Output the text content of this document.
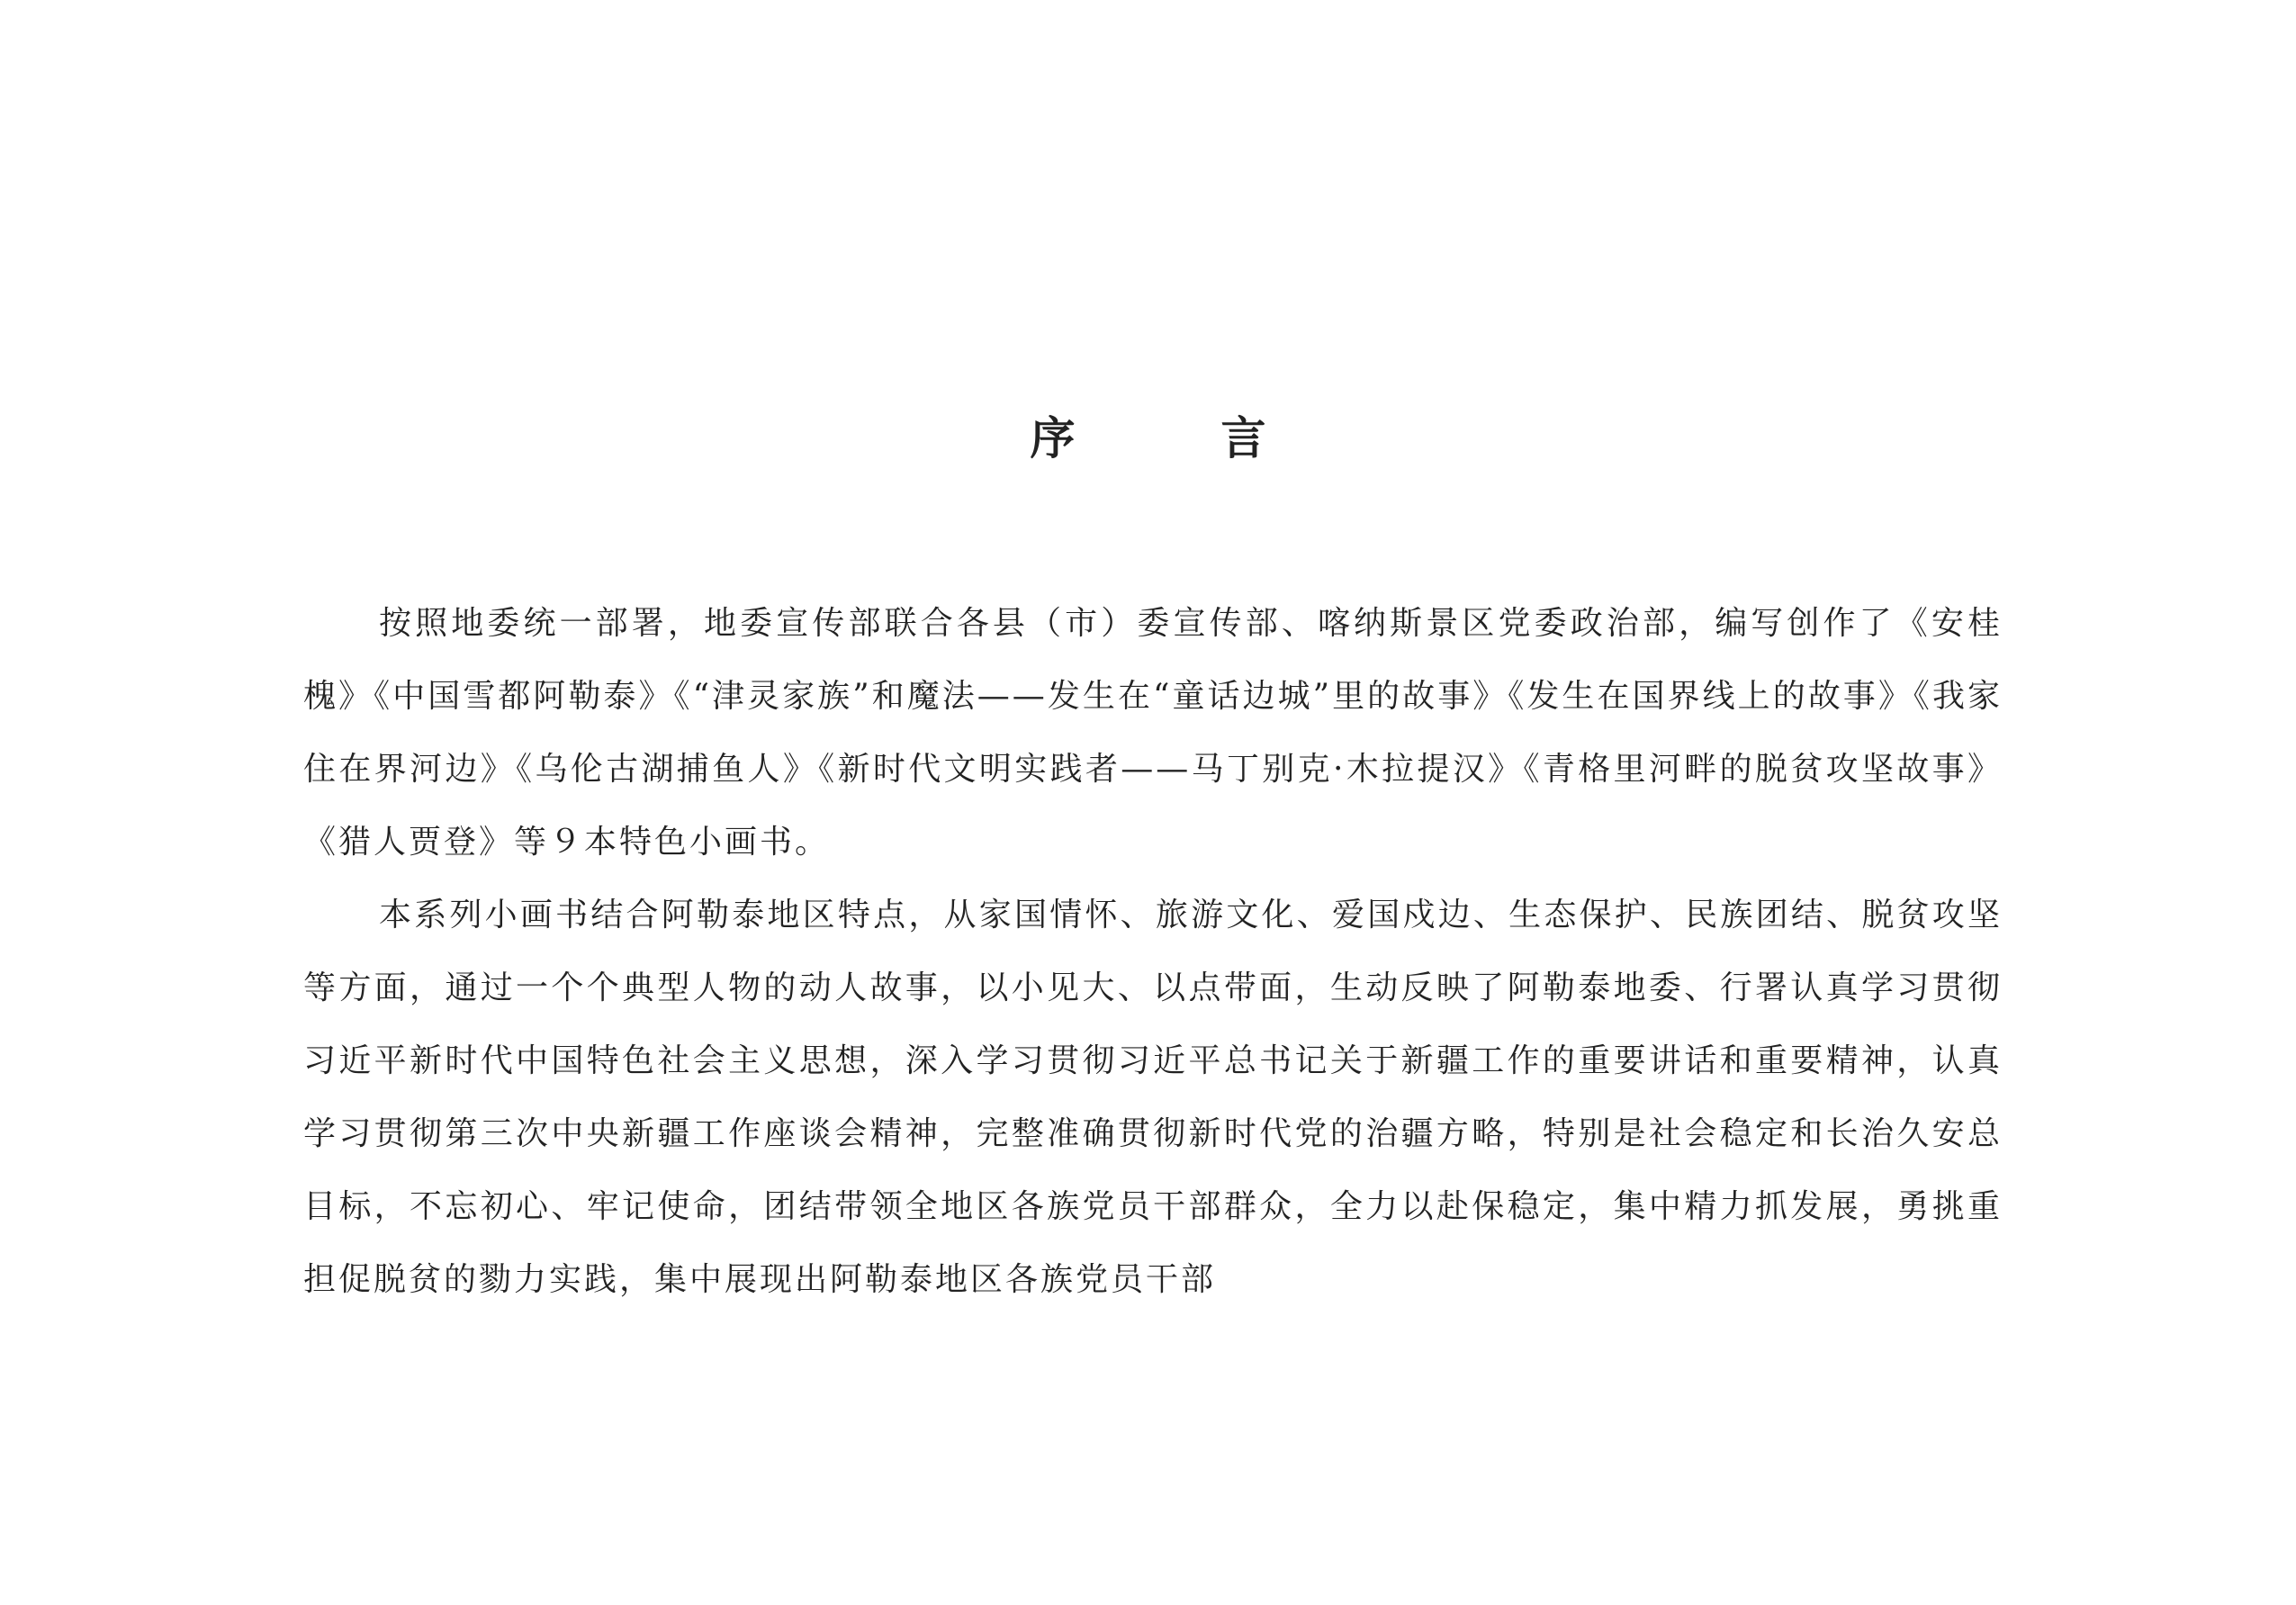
序　言

按照地委统一部署，地委宣传部联合各县（市）委宣传部、喀纳斯景区党委政治部，编写创作了《安桂槐》《中国雪都阿勒泰》《“津灵家族”和魔法——发生在“童话边城”里的故事》《发生在国界线上的故事》《我家住在界河边》《乌伦古湖捕鱼人》《新时代文明实践者——马丁别克·木拉提汉》《青格里河畔的脱贫攻坚故事》《猎人贾登》等９本特色小画书。

本系列小画书结合阿勒泰地区特点，从家国情怀、旅游文化、爱国戍边、生态保护、民族团结、脱贫攻坚等方面，通过一个个典型人物的动人故事，以小见大、以点带面，生动反映了阿勒泰地委、行署认真学习贯彻习近平新时代中国特色社会主义思想，深入学习贯彻习近平总书记关于新疆工作的重要讲话和重要精神，认真学习贯彻第三次中央新疆工作座谈会精神，完整准确贯彻新时代党的治疆方略，特别是社会稳定和长治久安总目标，不忘初心、牢记使命，团结带领全地区各族党员干部群众，全力以赴保稳定，集中精力抓发展，勇挑重担促脱贫的勠力实践，集中展现出阿勒泰地区各族党员干部
